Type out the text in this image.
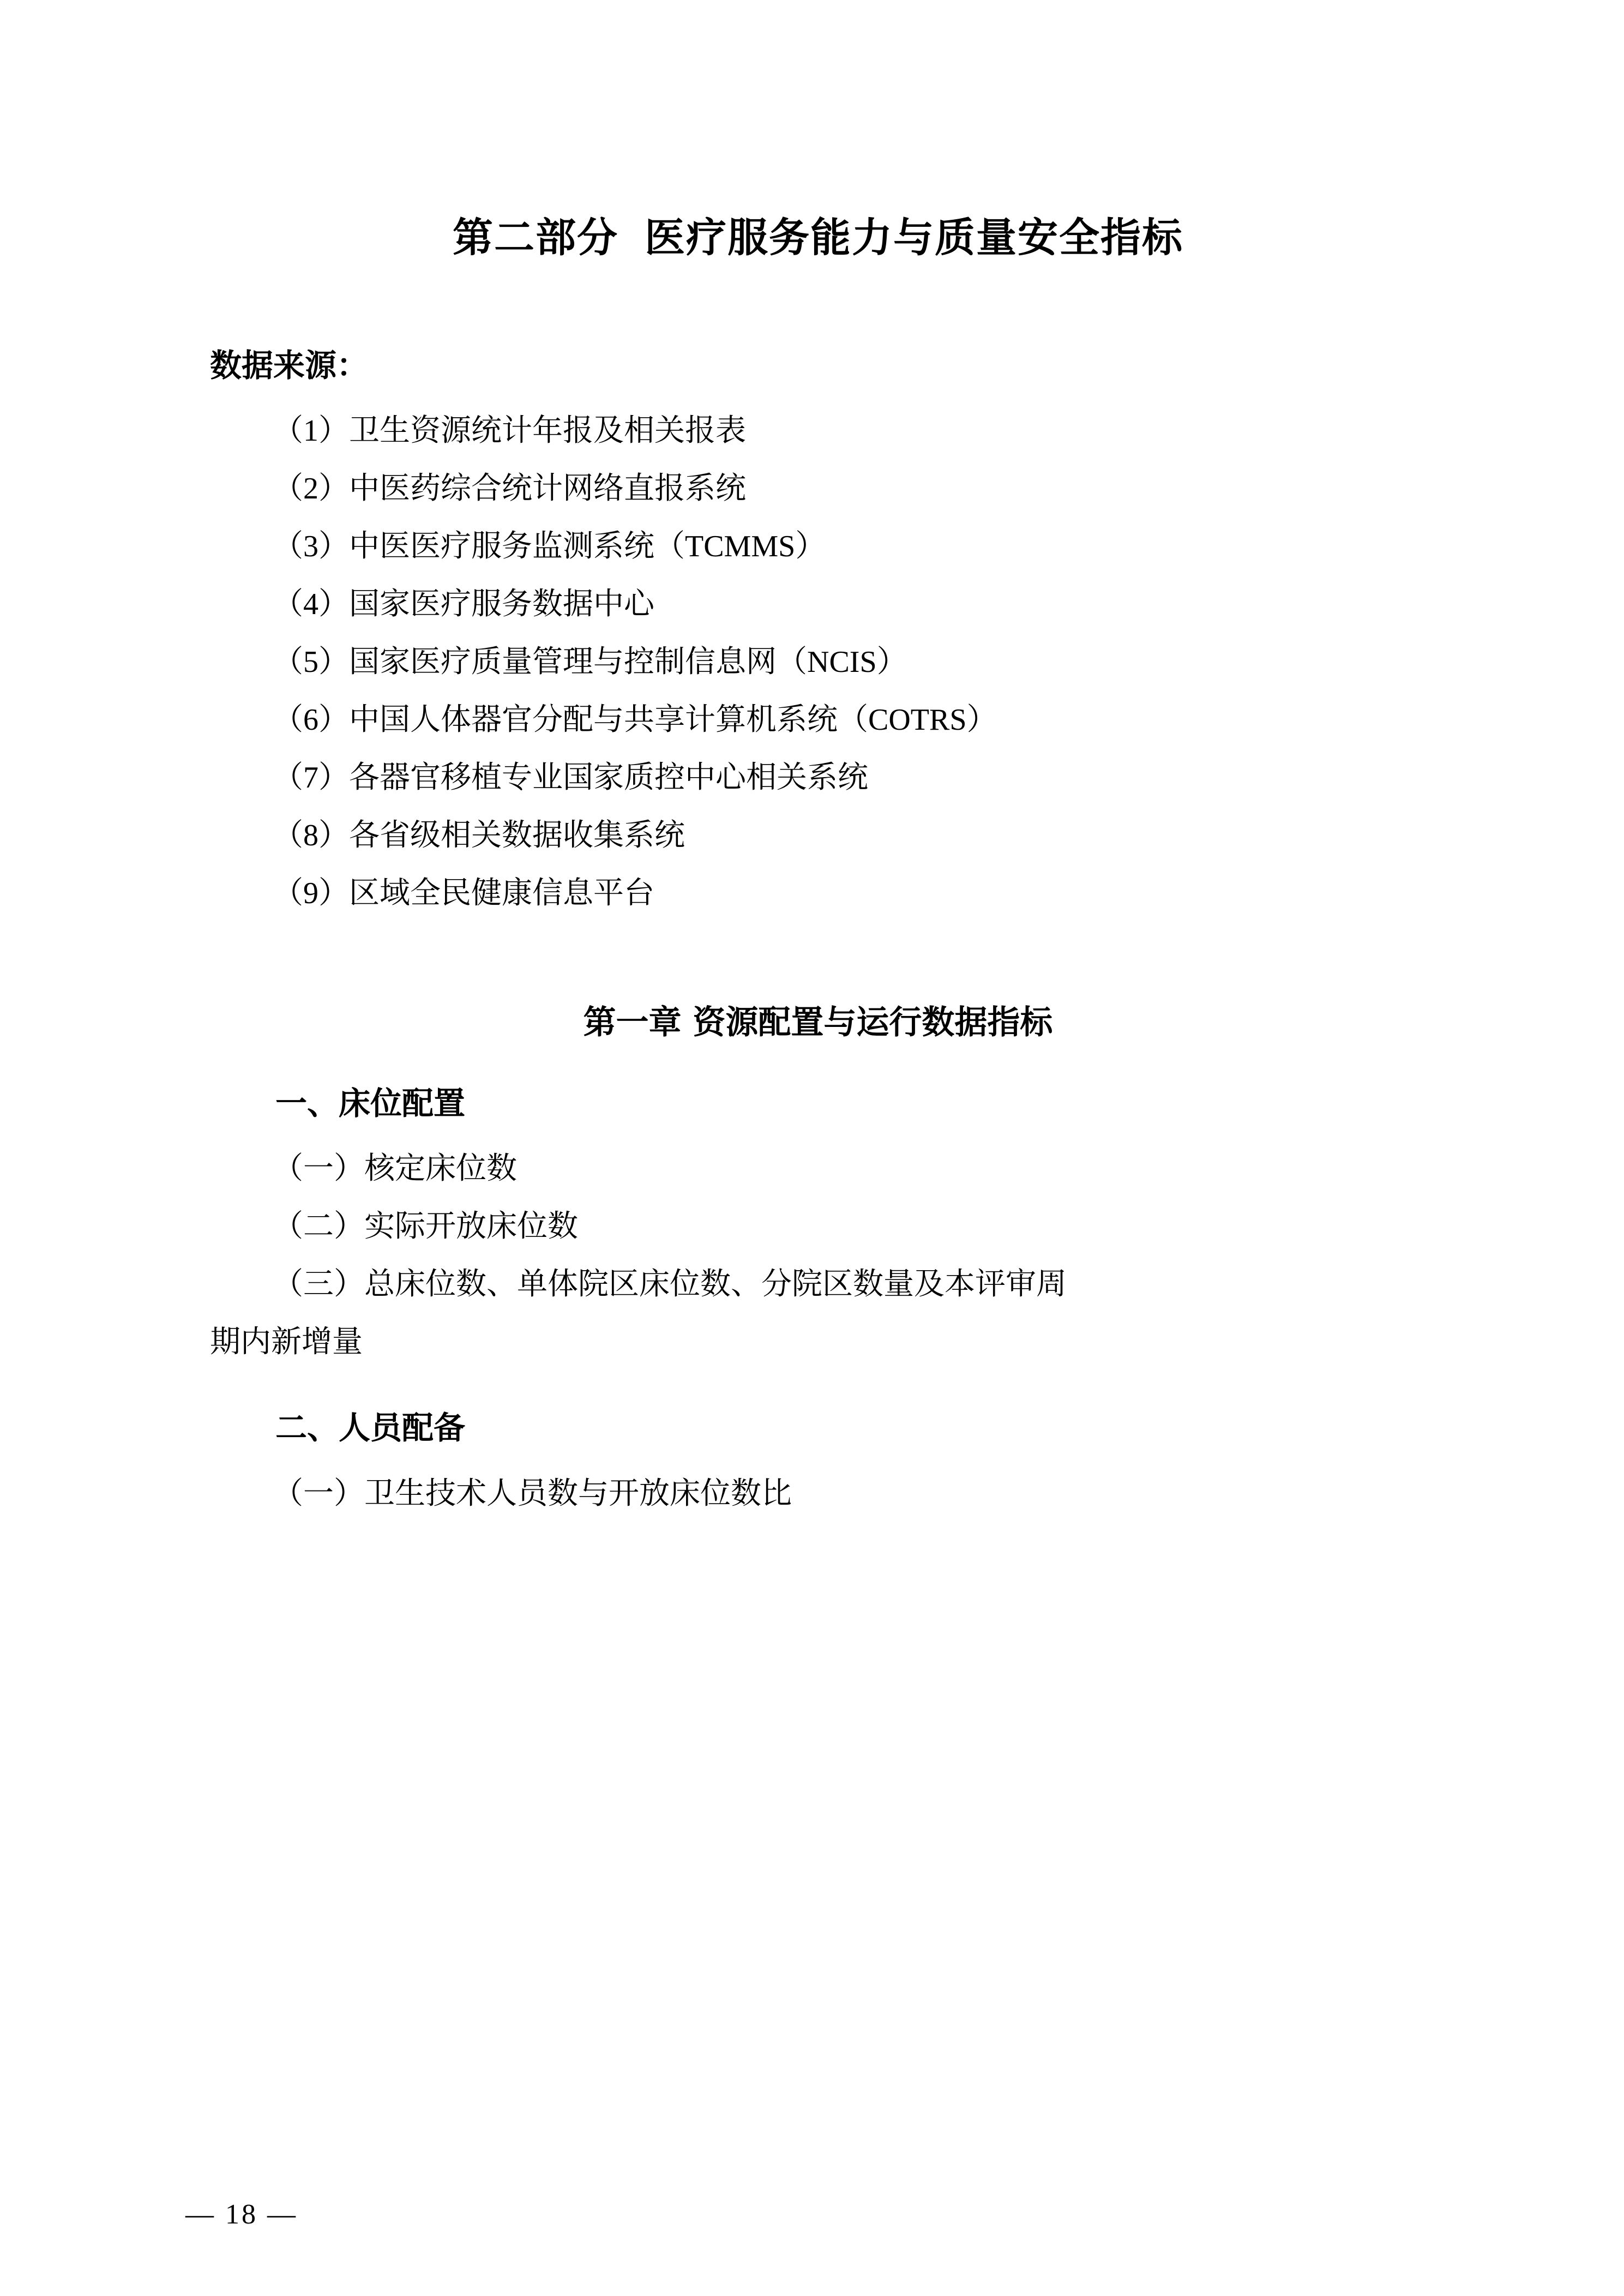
第二部分 医疗服务能力与质量安全指标

数据来源：

（1）卫生资源统计年报及相关报表

（2）中医药综合统计网络直报系统

（3）中医医疗服务监测系统（TCMMS）

（4）国家医疗服务数据中心

（5）国家医疗质量管理与控制信息网（NCIS）

（6）中国人体器官分配与共享计算机系统（COTRS）

（7）各器官移植专业国家质控中心相关系统

（8）各省级相关数据收集系统

（9）区域全民健康信息平台

第一章 资源配置与运行数据指标
一、床位配置

（一）核定床位数

（二）实际开放床位数

（三）总床位数、单体院区床位数、分院区数量及本评审周

期内新增量

二、人员配备

（一）卫生技术人员数与开放床位数比

— 18 —
